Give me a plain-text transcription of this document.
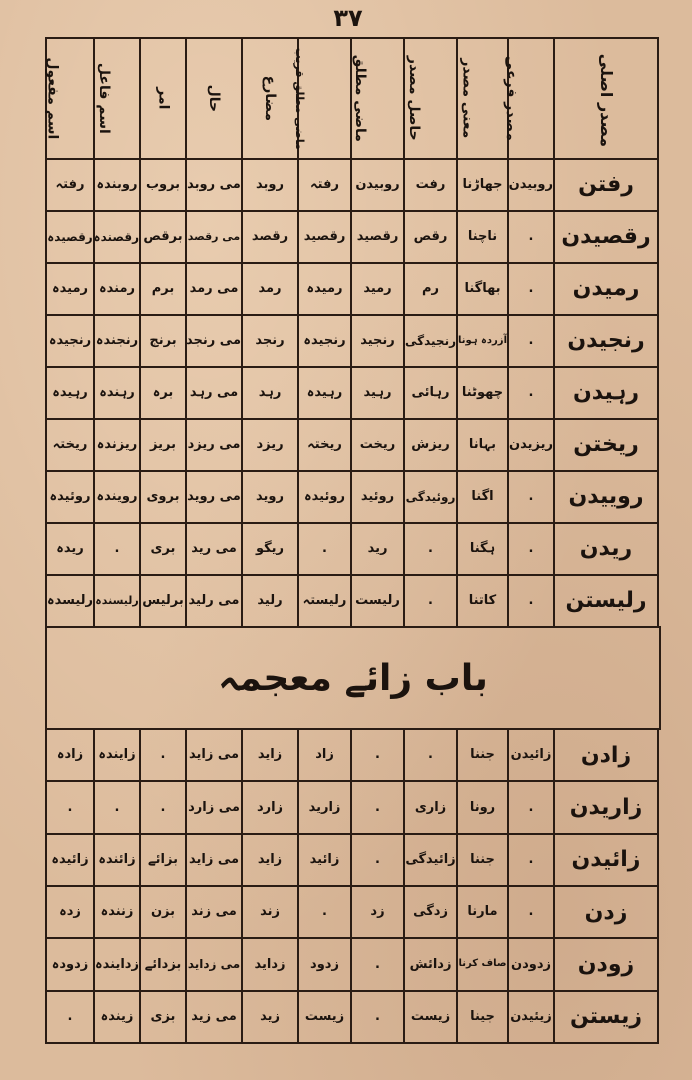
۳۷
مصدر اصلی	مصدر فرعی	معنی مصدر	حاصل مصدر	ماضی مطلق	ماضی مطلق قریب	مضارع	حال	امر	اسم فاعل	اسم مفعول
رفتن	روبیدن	جھاڑنا	رفت	روبیدن	رفتہ	روبد	می روبد	بروب	روبندہ	رفتہ
رقصیدن	.	ناچنا	رقص	رقصید	رقصید	رقصد	می رقصد	برقص	رقصندہ	رقصیدہ
رمیدن	.	بھاگنا	رم	رمید	رمیدہ	رمد	می رمد	برم	رمندہ	رمیدہ
رنجیدن	.	آزردہ ہونا	رنجیدگی	رنجید	رنجیدہ	رنجد	می رنجد	برنج	رنجندہ	رنجیدہ
رہیدن	.	چھوٹنا	رہائی	رہید	رہیدہ	رہد	می رہد	برہ	رہندہ	رہیدہ
ریختن	ریزیدن	بہانا	ریزش	ریخت	ریختہ	ریزد	می ریزد	بریز	ریزندہ	ریختہ
روییدن	.	اگنا	روئیدگی	روئید	روئیدہ	روید	می روید	بروی	رویندہ	روئیدہ
ریدن	.	ہگنا	.	رید	.	ریگو	می رید	بری	.	ریدہ
رلیستن	.	کاتنا	.	رلیست	رلیستہ	رلید	می رلید	برلیس	رلیسندہ	رلیسدہ
باب زائے معجمہ
زادن	زائیدن	جننا	.	.	زاد	زاید	می زاید	.	زایندہ	زادہ
زاریدن	.	رونا	زاری	.	زارید	زارد	می زارد	.	.	.
زائیدن	.	جننا	زائیدگی	.	زائید	زاید	می زاید	بزائے	زائندہ	زائیدہ
زدن	.	مارنا	زدگی	زد	.	زند	می زند	بزن	زنندہ	زدہ
زودن	زدودن	صاف کرنا	زدائش	.	زدود	زداید	می زداید	بزدائے	زدایندہ	زدودہ
زیستن	زیئیدن	جینا	زیست	.	زیست	زید	می زید	بزی	زیندہ	.
